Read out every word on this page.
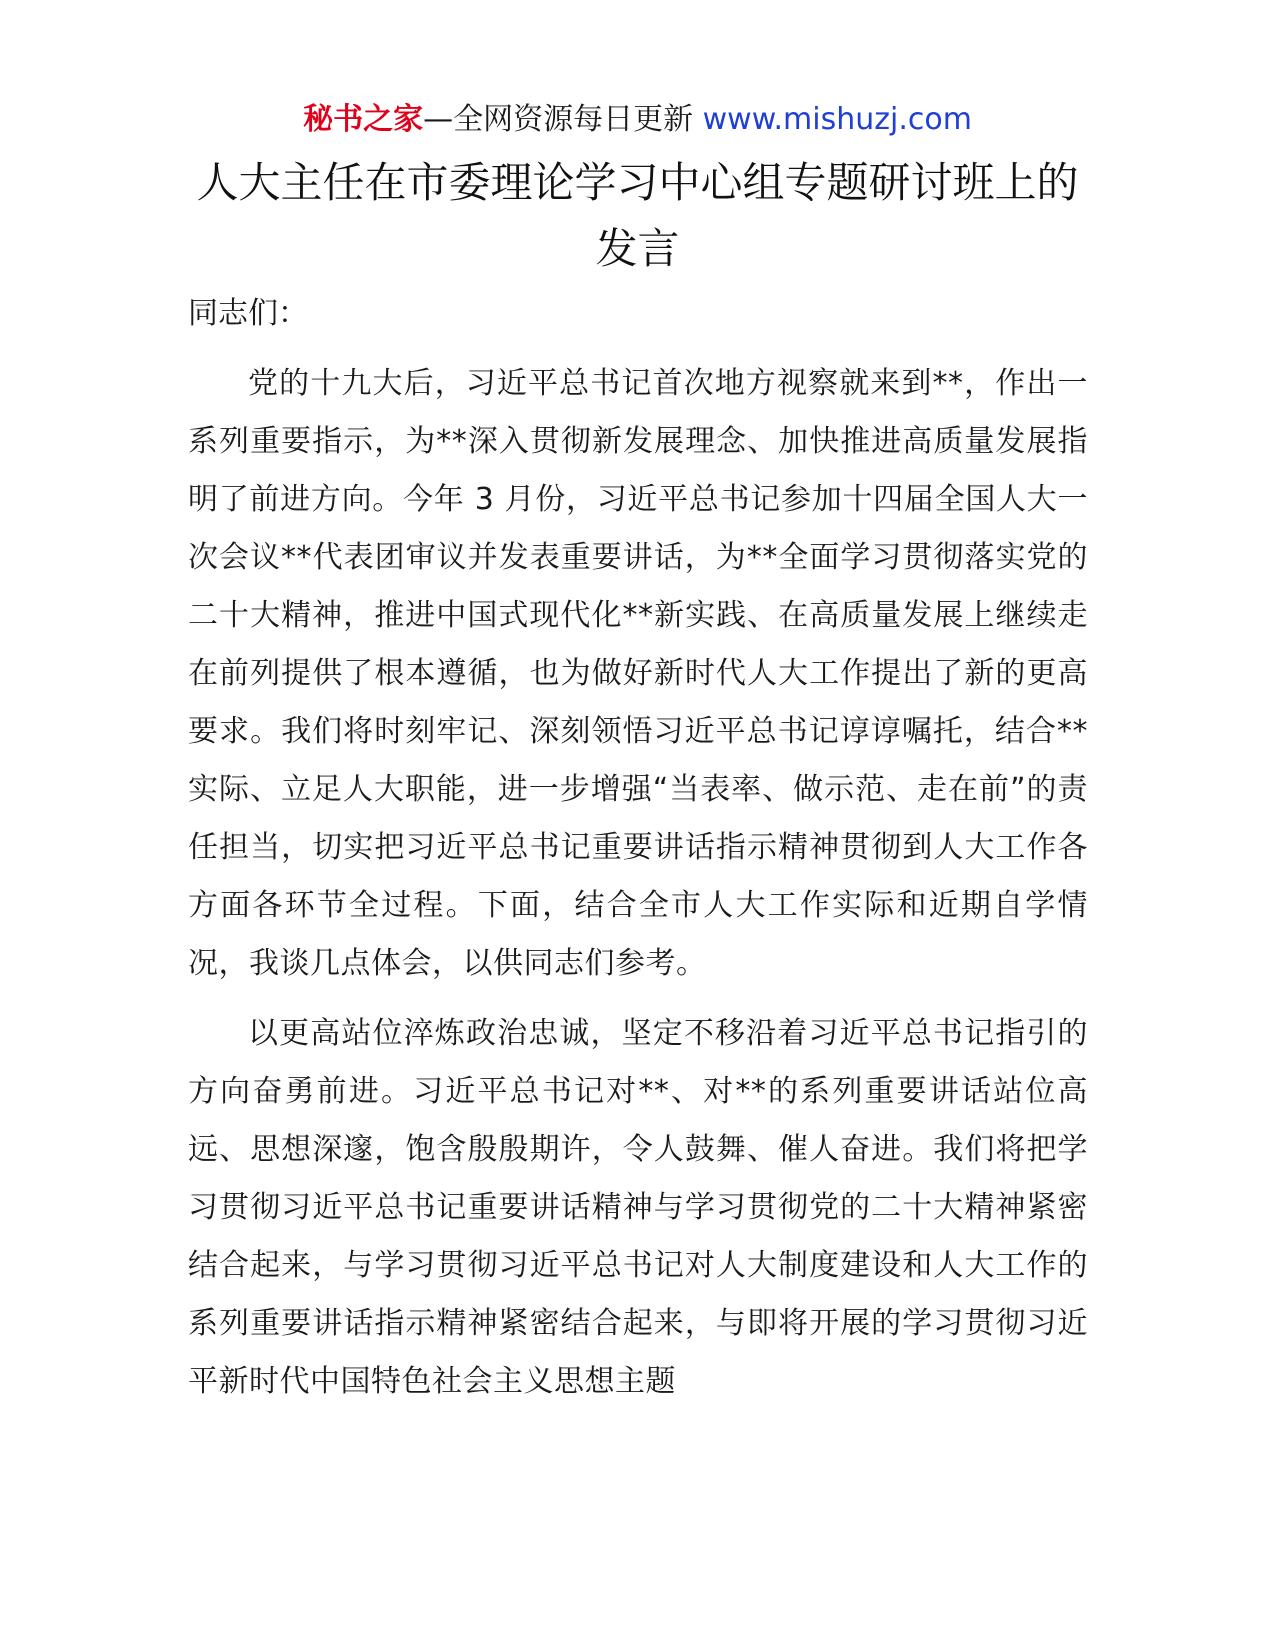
秘书之家—全网资源每日更新 www.mishuzj.com
人大主任在市委理论学习中心组专题研讨班上的发言

同志们：

党的十九大后，习近平总书记首次地方视察就来到**，作出一系列重要指示，为**深入贯彻新发展理念、加快推进高质量发展指明了前进方向。今年 3 月份，习近平总书记参加十四届全国人大一次会议**代表团审议并发表重要讲话，为**全面学习贯彻落实党的二十大精神，推进中国式现代化**新实践、在高质量发展上继续走在前列提供了根本遵循，也为做好新时代人大工作提出了新的更高要求。我们将时刻牢记、深刻领悟习近平总书记谆谆嘱托，结合**实际、立足人大职能，进一步增强“当表率、做示范、走在前”的责任担当，切实把习近平总书记重要讲话指示精神贯彻到人大工作各方面各环节全过程。下面，结合全市人大工作实际和近期自学情况，我谈几点体会，以供同志们参考。

以更高站位淬炼政治忠诚，坚定不移沿着习近平总书记指引的方向奋勇前进。习近平总书记对**、对**的系列重要讲话站位高远、思想深邃，饱含殷殷期许，令人鼓舞、催人奋进。我们将把学习贯彻习近平总书记重要讲话精神与学习贯彻党的二十大精神紧密结合起来，与学习贯彻习近平总书记对人大制度建设和人大工作的系列重要讲话指示精神紧密结合起来，与即将开展的学习贯彻习近平新时代中国特色社会主义思想主题
